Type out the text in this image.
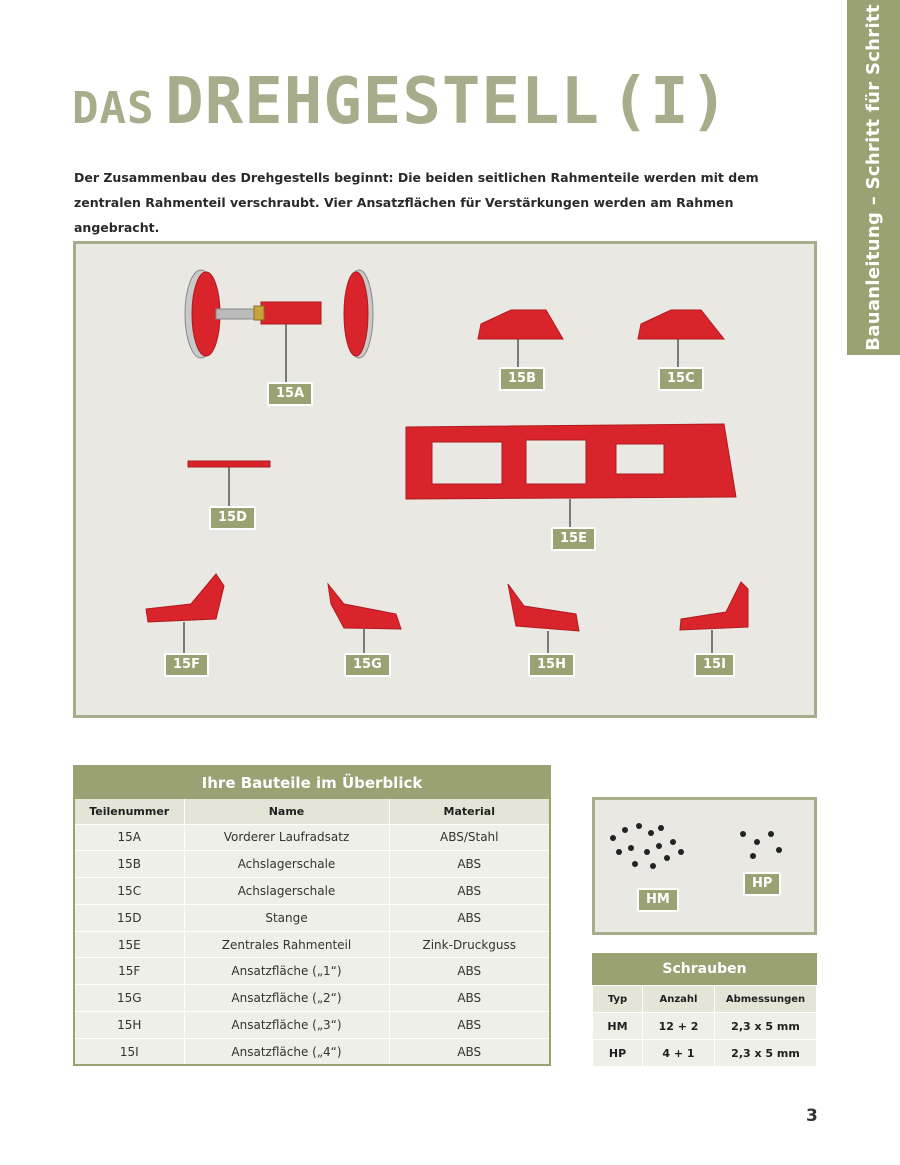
Bauanleitung – Schritt für Schritt
DAS DREHGESTELL (I)

Der Zusammenbau des Drehgestells beginnt: Die beiden seitlichen Rahmenteile werden mit dem zentralen Rahmenteil verschraubt. Vier Ansatzflächen für Verstärkungen werden am Rahmen angebracht.

15A
15B	15C
15D
15E
15F	15G	15H	15I
Ihre Bauteile im Überblick
Teilenummer	Name	Material
15A	Vorderer Laufradsatz	ABS/Stahl
15B	Achslagerschale	ABS
15C	Achslagerschale	ABS
15D	Stange	ABS
15E	Zentrales Rahmenteil	Zink-Druckguss
15F	Ansatzfläche („1“)	ABS
15G	Ansatzfläche („2“)	ABS
15H	Ansatzfläche („3“)	ABS
15I	Ansatzfläche („4“)	ABS
HM
HP
Schrauben
Typ	Anzahl	Abmessungen
HM	12 + 2	2,3 x 5 mm
HP	4 + 1	2,3 x 5 mm
3
